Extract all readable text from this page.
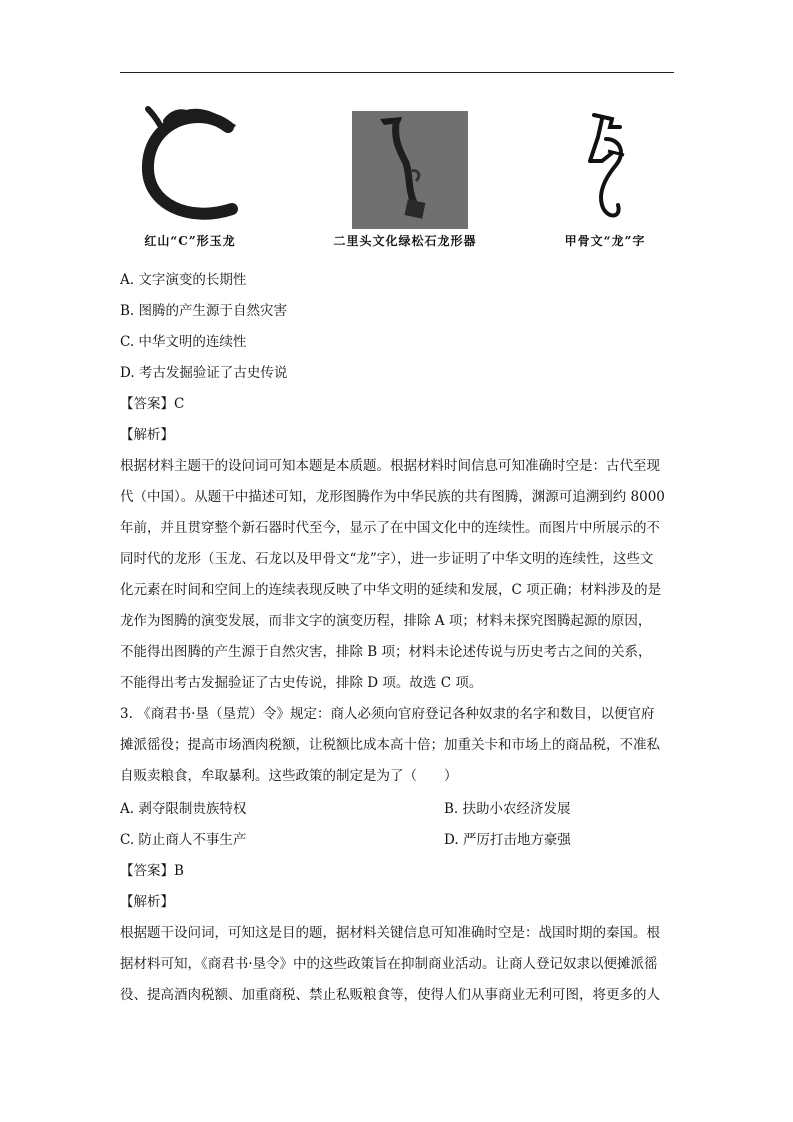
红山“C”形玉龙	二里头文化绿松石龙形器	甲骨文“龙”字
A. 文字演变的长期性
B. 图腾的产生源于自然灾害
C. 中华文明的连续性
D. 考古发掘验证了古史传说
【答案】C
【解析】

根据材料主题干的设问词可知本题是本质题。根据材料时间信息可知准确时空是：古代至现

代（中国）。从题干中描述可知，龙形图腾作为中华民族的共有图腾，渊源可追溯到约 8000

年前，并且贯穿整个新石器时代至今，显示了在中国文化中的连续性。而图片中所展示的不

同时代的龙形（玉龙、石龙以及甲骨文“龙”字），进一步证明了中华文明的连续性，这些文

化元素在时间和空间上的连续表现反映了中华文明的延续和发展，C 项正确；材料涉及的是

龙作为图腾的演变发展，而非文字的演变历程，排除 A 项；材料未探究图腾起源的原因，

不能得出图腾的产生源于自然灾害，排除 B 项；材料未论述传说与历史考古之间的关系，

不能得出考古发掘验证了古史传说，排除 D 项。故选 C 项。

3. 《商君书·垦（垦荒）令》规定：商人必须向官府登记各种奴隶的名字和数目，以便官府

摊派徭役；提高市场酒肉税额，让税额比成本高十倍；加重关卡和市场上的商品税，不准私

自贩卖粮食，牟取暴利。这些政策的制定是为了（　　）

A. 剥夺限制贵族特权	B. 扶助小农经济发展
C. 防止商人不事生产	D. 严厉打击地方豪强
【答案】B
【解析】

根据题干设问词，可知这是目的题，据材料关键信息可知准确时空是：战国时期的秦国。根

据材料可知，《商君书·垦令》中的这些政策旨在抑制商业活动。让商人登记奴隶以便摊派徭

役、提高酒肉税额、加重商税、禁止私贩粮食等，使得人们从事商业无利可图，将更多的人
